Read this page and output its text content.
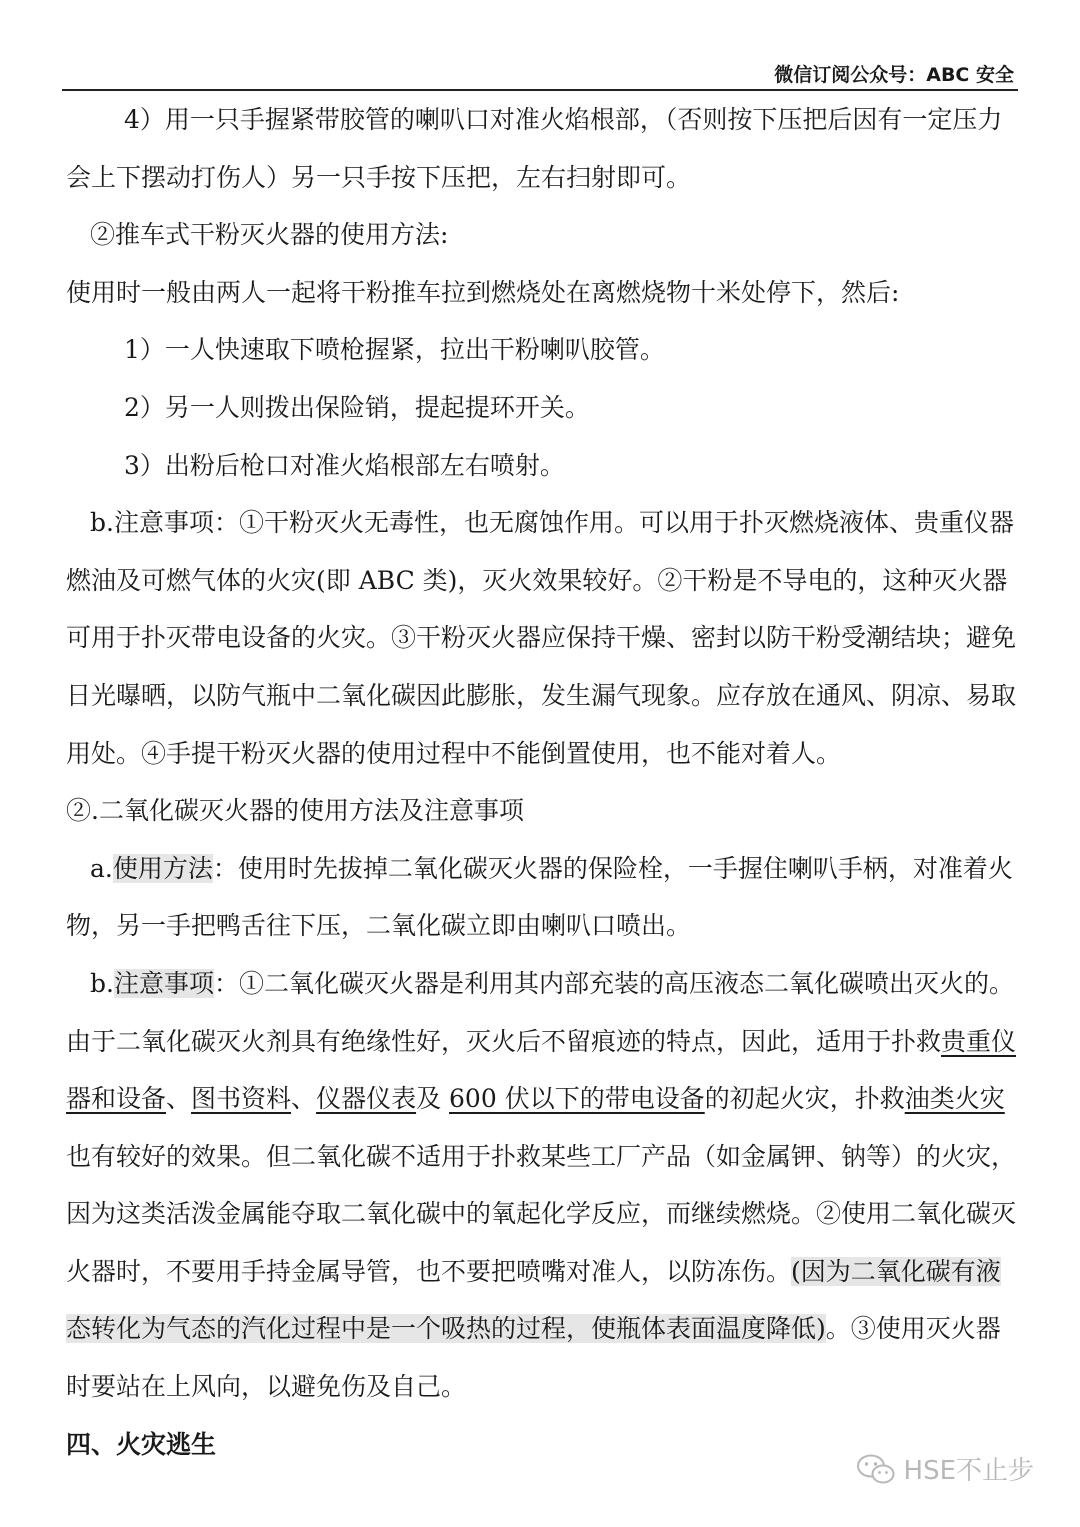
微信订阅公众号：ABC 安全

4）用一只手握紧带胶管的喇叭口对准火焰根部，（否则按下压把后因有一定压力会上下摆动打伤人）另一只手按下压把，左右扫射即可。

②推车式干粉灭火器的使用方法:

使用时一般由两人一起将干粉推车拉到燃烧处在离燃烧物十米处停下，然后:

1）一人快速取下喷枪握紧，拉出干粉喇叭胶管。

2）另一人则拨出保险销，提起提环开关。

3）出粉后枪口对准火焰根部左右喷射。

b.注意事项：①干粉灭火无毒性，也无腐蚀作用。可以用于扑灭燃烧液体、贵重仪器燃油及可燃气体的火灾(即 ABC 类)，灭火效果较好。②干粉是不导电的，这种灭火器可用于扑灭带电设备的火灾。③干粉灭火器应保持干燥、密封以防干粉受潮结块；避免日光曝晒，以防气瓶中二氧化碳因此膨胀，发生漏气现象。应存放在通风、阴凉、易取用处。④手提干粉灭火器的使用过程中不能倒置使用，也不能对着人。

②.二氧化碳灭火器的使用方法及注意事项

a.使用方法：使用时先拔掉二氧化碳灭火器的保险栓，一手握住喇叭手柄，对准着火物，另一手把鸭舌往下压，二氧化碳立即由喇叭口喷出。

b.注意事项：①二氧化碳灭火器是利用其内部充装的高压液态二氧化碳喷出灭火的。由于二氧化碳灭火剂具有绝缘性好，灭火后不留痕迹的特点，因此，适用于扑救贵重仪器和设备、图书资料、仪器仪表及 600 伏以下的带电设备的初起火灾，扑救油类火灾也有较好的效果。但二氧化碳不适用于扑救某些工厂产品（如金属钾、钠等）的火灾，因为这类活泼金属能夺取二氧化碳中的氧起化学反应，而继续燃烧。②使用二氧化碳灭火器时，不要用手持金属导管，也不要把喷嘴对准人，以防冻伤。(因为二氧化碳有液态转化为气态的汽化过程中是一个吸热的过程，使瓶体表面温度降低)。③使用灭火器时要站在上风向，以避免伤及自己。

四、火灾逃生

HSE不止步
